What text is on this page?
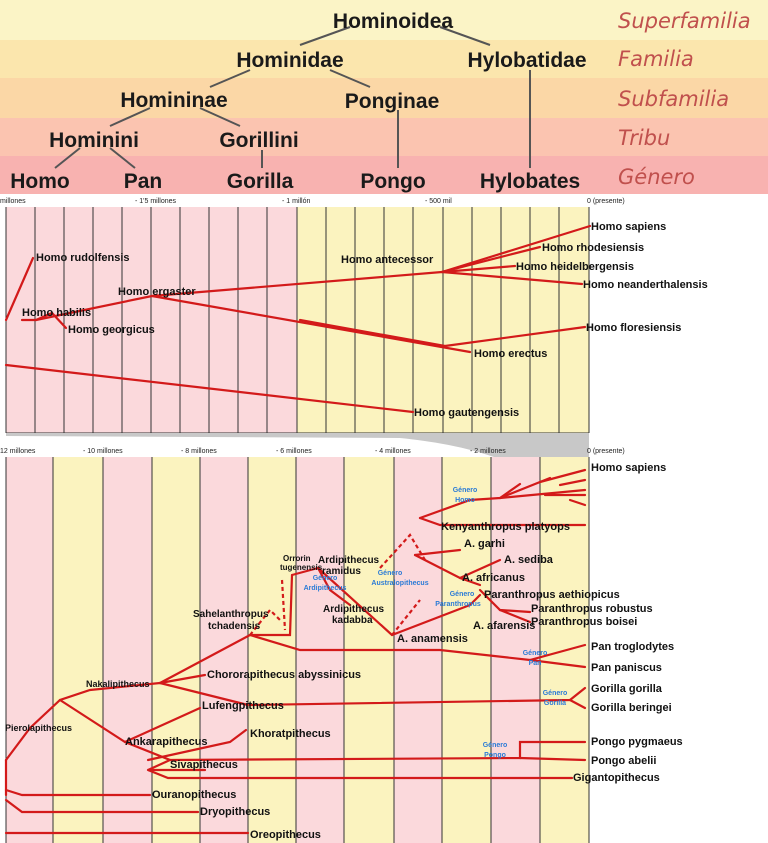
Hominoidea
Hominidae	Hylobatidae
Homininae	Ponginae
Hominini	Gorillini
Homo	Pan	Gorilla	Pongo	Hylobates
Superfamilia
Familia
Subfamilia
Tribu
Género
millones	- 1'5 millones	- 1 millón	- 500 mil	0 (presente)
Homo sapiens
Homo rhodesiensis
Homo heidelbergensis
Homo neanderthalensis
Homo antecessor
Homo rudolfensis
Homo ergaster
Homo habilis
Homo georgicus	Homo floresiensis
Homo erectus
Homo gautengensis
12 millones	- 10 millones	- 8 millones	- 6 millones	- 4 millones	- 2 millones	0 (presente)
Homo sapiens
Kenyanthropus platyops
A. garhi
A. sediba
A. africanus
Paranthropus aethiopicus
Paranthropus robustus
Paranthropus boisei
A. afarensis
A. anamensis
Pan troglodytes
Pan paniscus
Chororapithecus abyssinicus
Gorilla gorilla
Gorilla beringei
Lufengpithecus
Khoratpithecus
Ankarapithecus	Pongo pygmaeus
Sivapithecus	Pongo abelii
Gigantopithecus
Ouranopithecus
Dryopithecus
Oreopithecus
Nakalipithecus
Pierolapithecus
Sahelanthropus
tchadensis
Orrorin
tugenensis
Ardipithecus
ramidus
Ardipithecus
kadabba
Género
Homo
Género
Ardipithecus
Género
Australopithecus
Género
Paranthropus
Género
Pan
Género
Gorilla
Género
Pongo
